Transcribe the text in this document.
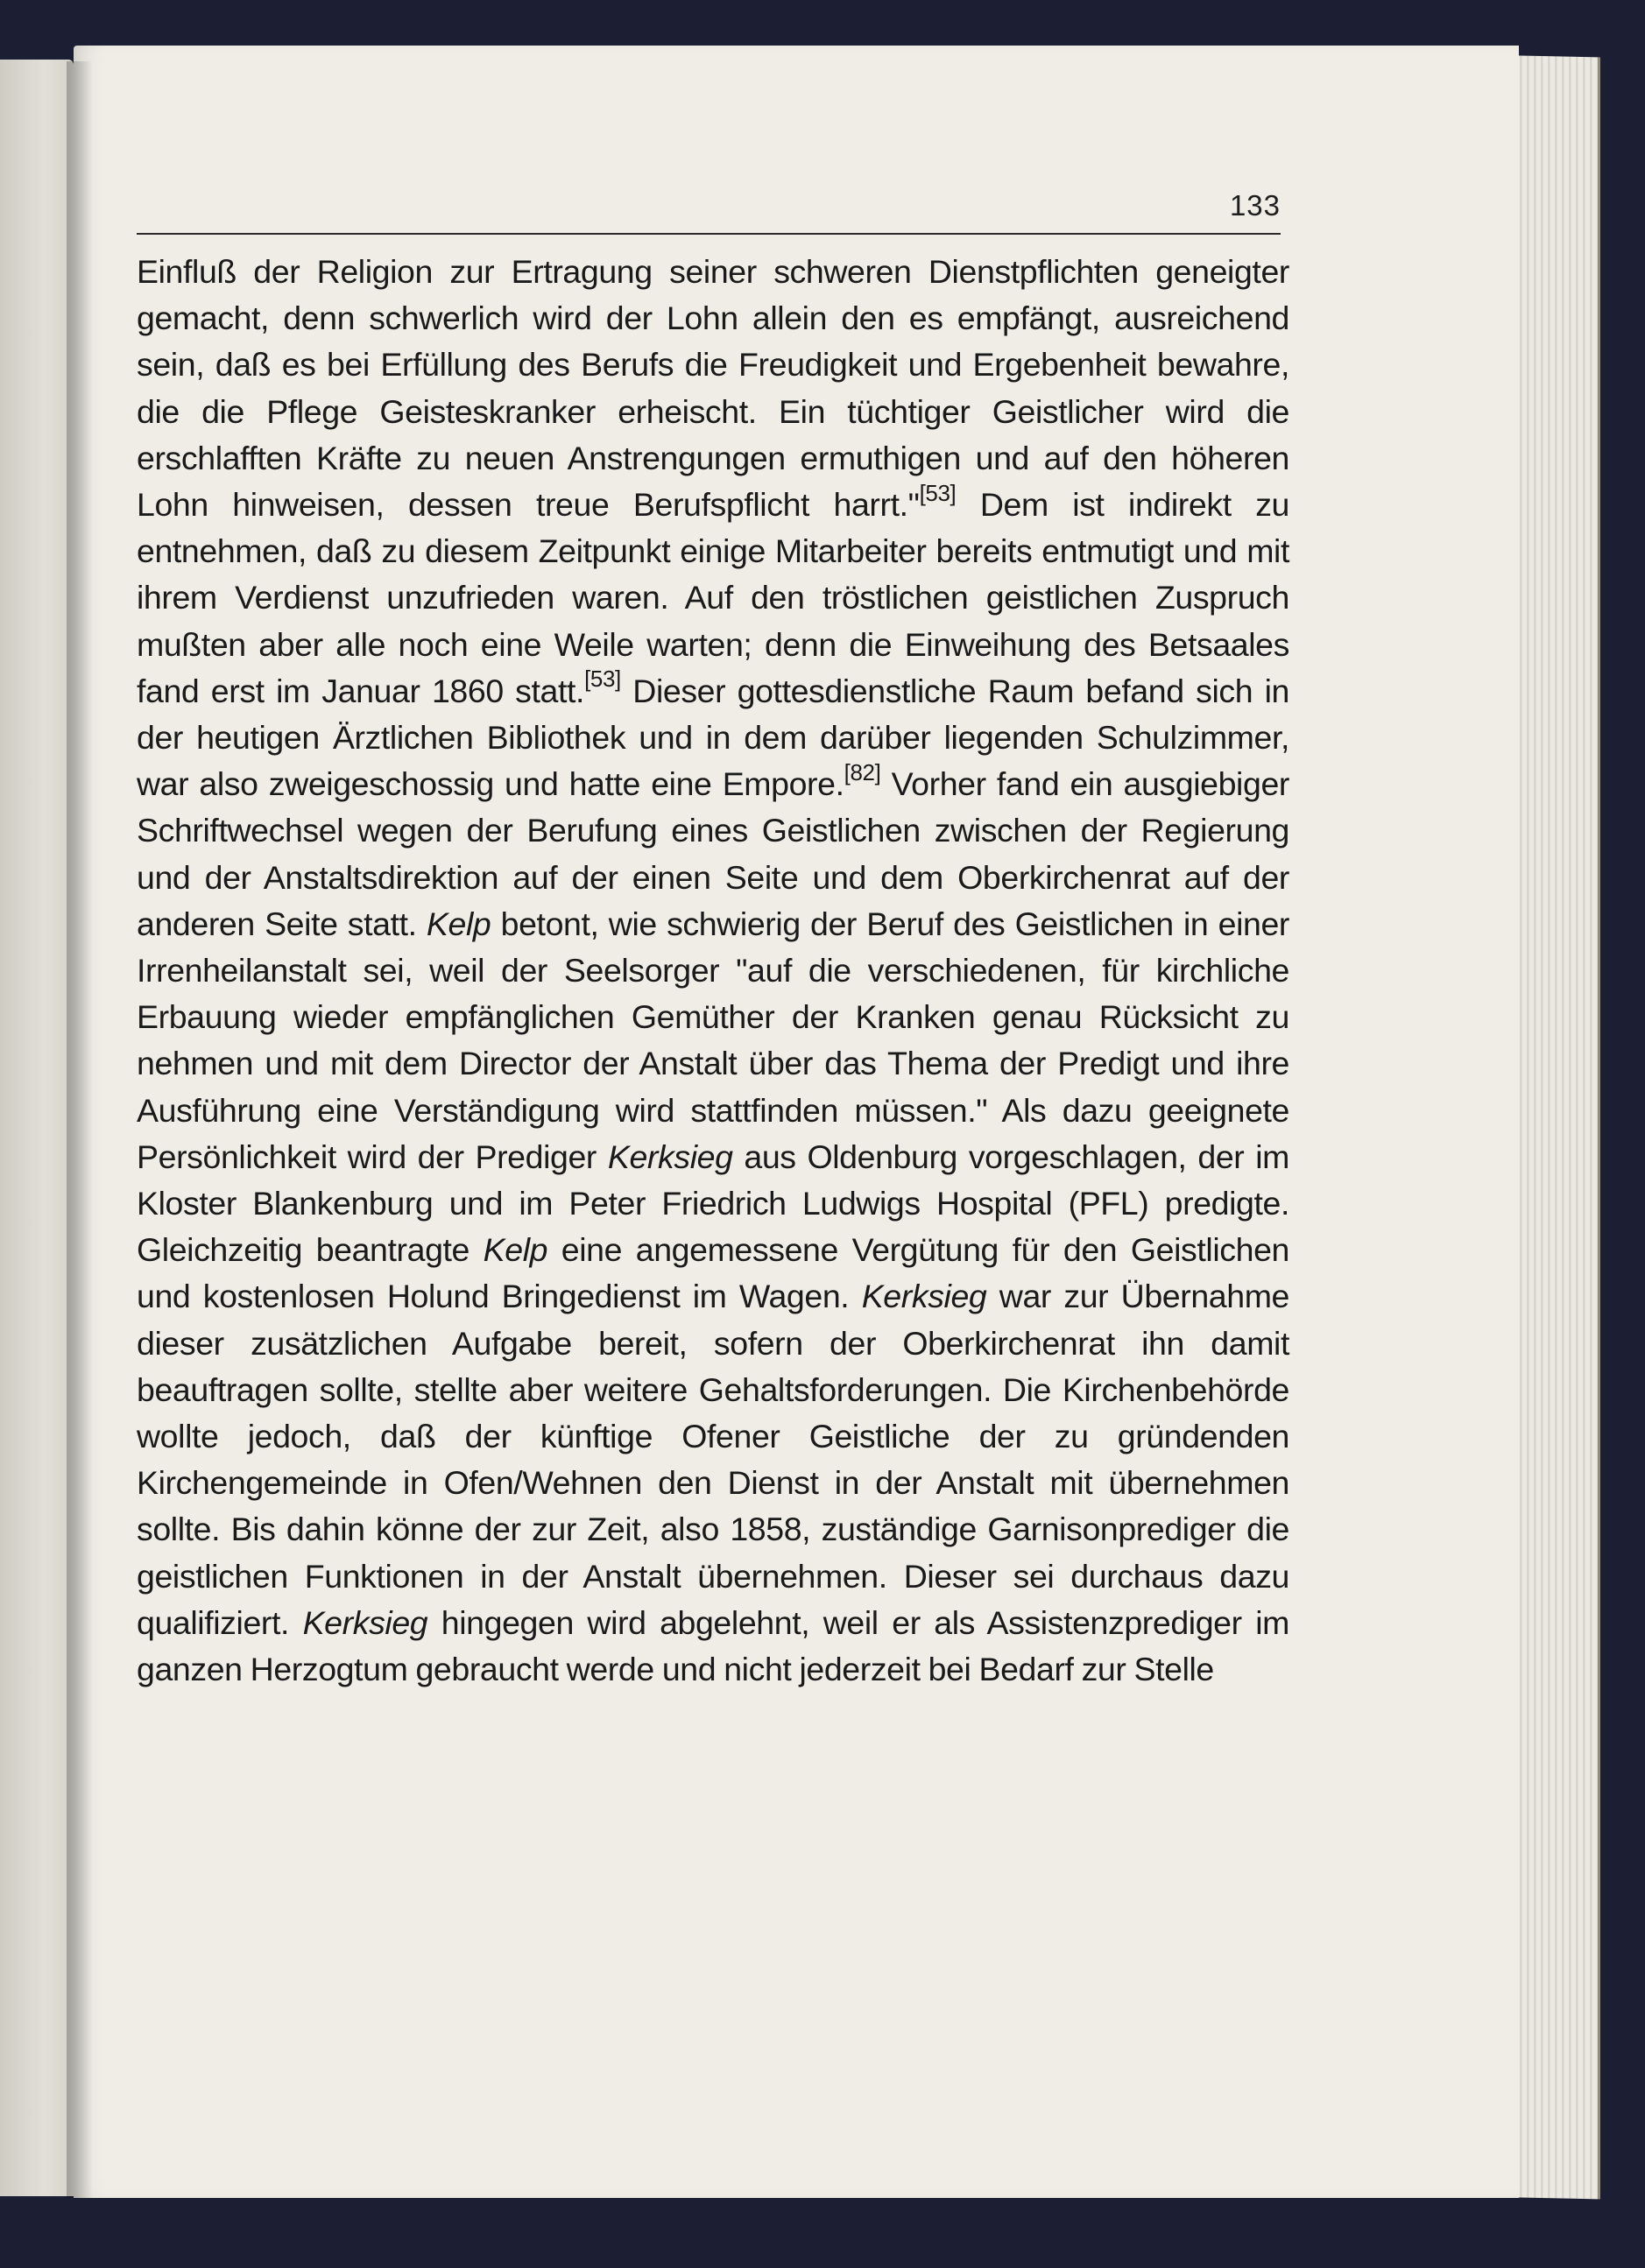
133

Einfluß der Religion zur Ertragung seiner schweren Dienstpflichten geneigter gemacht, denn schwerlich wird der Lohn allein den es empfängt, ausreichend sein, daß es bei Erfüllung des Berufs die Freudigkeit und Ergebenheit bewahre, die die Pflege Geisteskranker erheischt. Ein tüchtiger Geistlicher wird die erschlafften Kräfte zu neuen Anstrengungen ermuthigen und auf den höheren Lohn hinweisen, dessen treue Berufspflicht harrt."[53] Dem ist indirekt zu entnehmen, daß zu diesem Zeitpunkt einige Mitarbeiter bereits entmutigt und mit ihrem Verdienst unzufrieden waren. Auf den tröstlichen geistlichen Zuspruch mußten aber alle noch eine Weile warten; denn die Einweihung des Betsaales fand erst im Januar 1860 statt.[53] Dieser gottesdienstliche Raum befand sich in der heutigen Ärztlichen Bibliothek und in dem darüber liegenden Schulzimmer, war also zweigeschossig und hatte eine Empore.[82] Vorher fand ein ausgiebiger Schriftwechsel wegen der Berufung eines Geistlichen zwischen der Regierung und der Anstaltsdirektion auf der einen Seite und dem Oberkirchenrat auf der anderen Seite statt. Kelp betont, wie schwierig der Beruf des Geistlichen in einer Irrenheilanstalt sei, weil der Seelsorger "auf die verschiedenen, für kirchliche Erbauung wieder empfänglichen Gemüther der Kranken genau Rücksicht zu nehmen und mit dem Director der Anstalt über das Thema der Predigt und ihre Ausführung eine Verständigung wird stattfinden müssen." Als dazu geeignete Persönlichkeit wird der Prediger Kerksieg aus Oldenburg vorgeschlagen, der im Kloster Blankenburg und im Peter Friedrich Ludwigs Hospital (PFL) predigte. Gleichzeitig beantragte Kelp eine angemessene Vergütung für den Geistlichen und kostenlosen Holund Bringedienst im Wagen. Kerksieg war zur Übernahme dieser zusätzlichen Aufgabe bereit, sofern der Oberkirchenrat ihn damit beauftragen sollte, stellte aber weitere Gehaltsforderungen. Die Kirchenbehörde wollte jedoch, daß der künftige Ofener Geistliche der zu gründenden Kirchengemeinde in Ofen/Wehnen den Dienst in der Anstalt mit übernehmen sollte. Bis dahin könne der zur Zeit, also 1858, zuständige Garnisonprediger die geistlichen Funktionen in der Anstalt übernehmen. Dieser sei durchaus dazu qualifiziert. Kerksieg hingegen wird abgelehnt, weil er als Assistenzprediger im ganzen Herzogtum gebraucht werde und nicht jederzeit bei Bedarf zur Stelle
